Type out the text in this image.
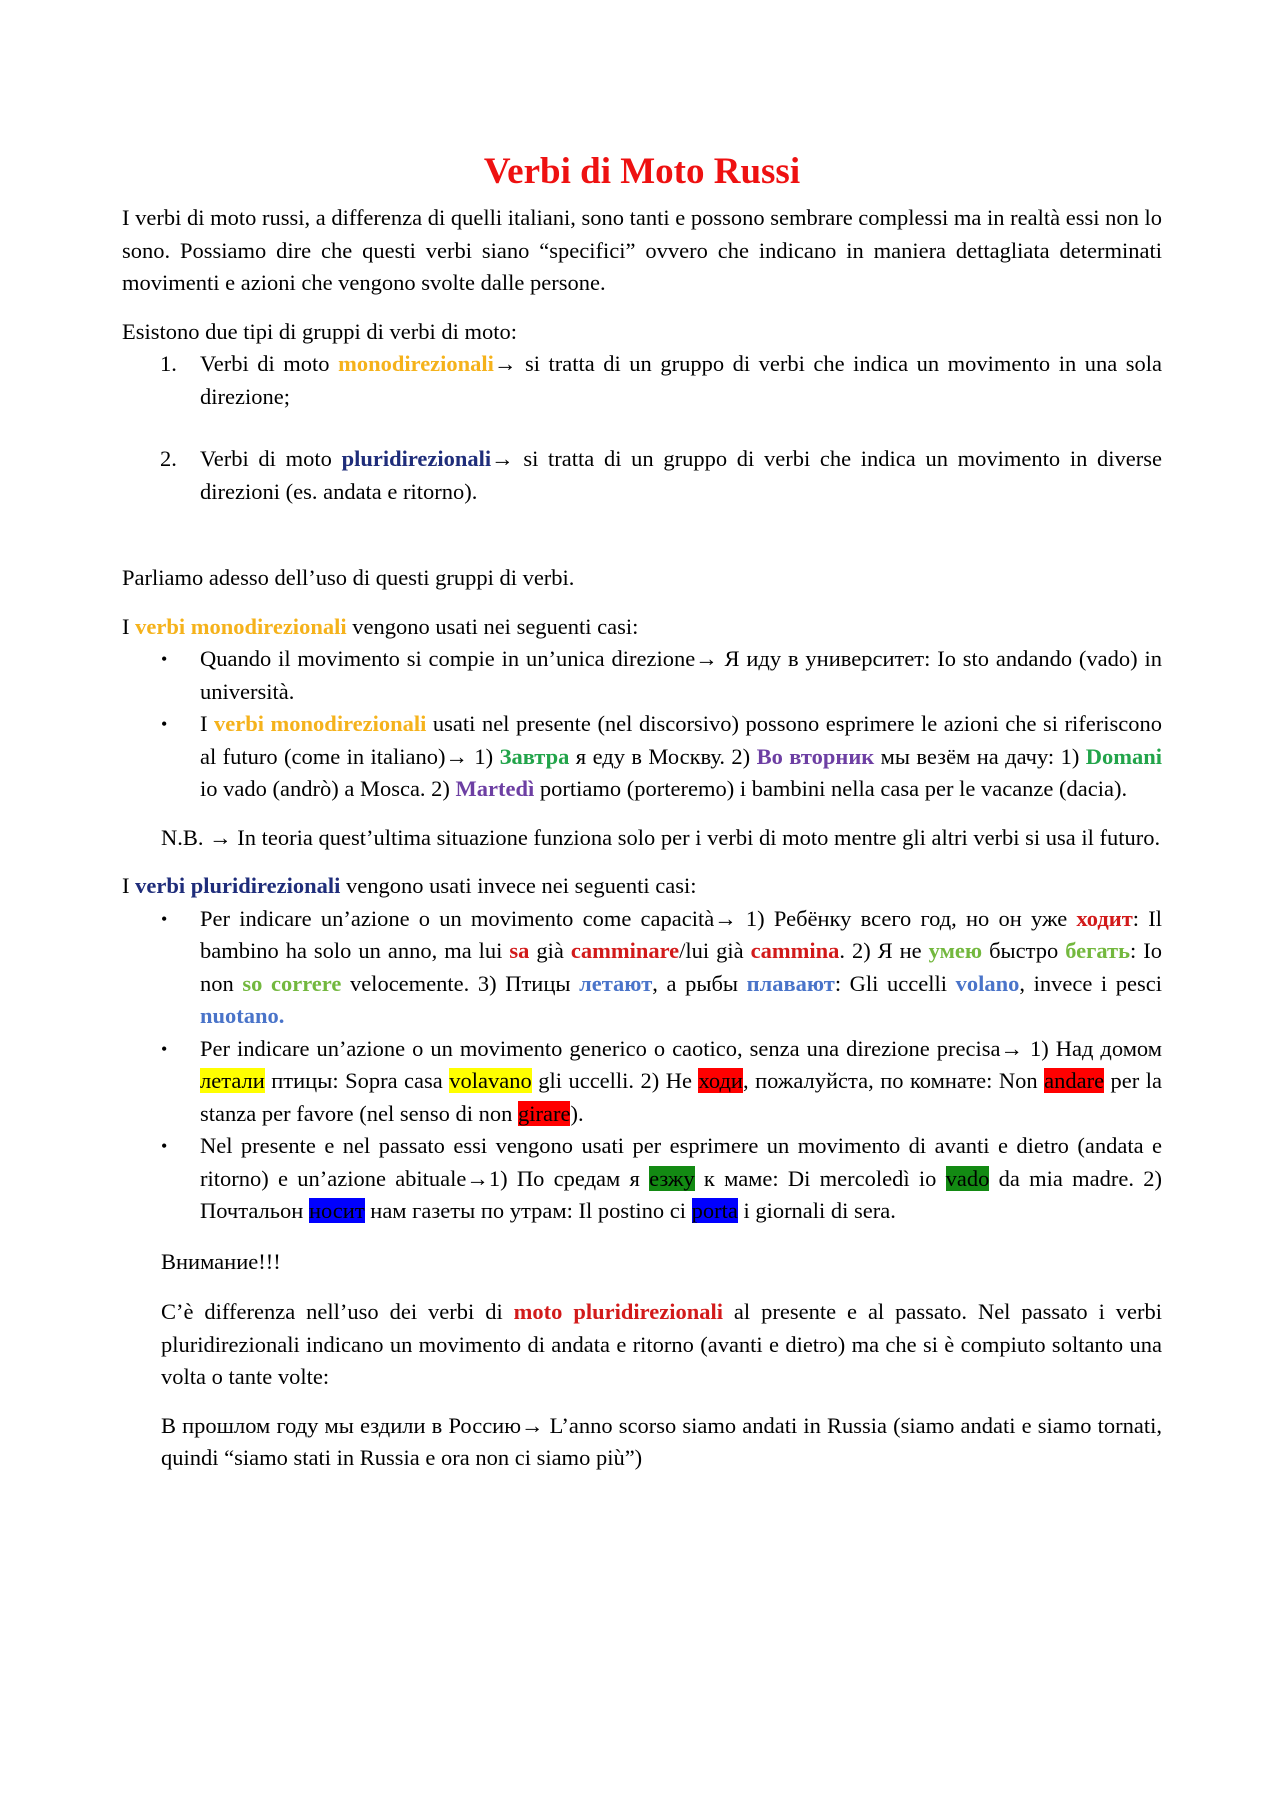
Verbi di Moto Russi

I verbi di moto russi, a differenza di quelli italiani, sono tanti e possono sembrare complessi ma in realtà essi non lo sono. Possiamo dire che questi verbi siano “specifici” ovvero che indicano in maniera dettagliata determinati movimenti e azioni che vengono svolte dalle persone.

Esistono due tipi di gruppi di verbi di moto:

1. Verbi di moto monodirezionali→ si tratta di un gruppo di verbi che indica un movimento in una sola direzione;
2. Verbi di moto pluridirezionali→ si tratta di un gruppo di verbi che indica un movimento in diverse direzioni (es. andata e ritorno).

Parliamo adesso dell’uso di questi gruppi di verbi.

I verbi monodirezionali vengono usati nei seguenti casi:

• Quando il movimento si compie in un’unica direzione→ Я иду в университет: Io sto andando (vado) in università.
• I verbi monodirezionali usati nel presente (nel discorsivo) possono esprimere le azioni che si riferiscono al futuro (come in italiano)→ 1) Завтра я еду в Москву. 2) Во вторник мы везём на дачу: 1) Domani io vado (andrò) a Mosca. 2) Martedì portiamo (porteremo) i bambini nella casa per le vacanze (dacia).

N.B. → In teoria quest’ultima situazione funziona solo per i verbi di moto mentre gli altri verbi si usa il futuro.

I verbi pluridirezionali vengono usati invece nei seguenti casi:

• Per indicare un’azione o un movimento come capacità→ 1) Ребёнку всего год, но он уже ходит: Il bambino ha solo un anno, ma lui sa già camminare/lui già cammina. 2) Я не умею быстро бегать: Io non so correre velocemente. 3) Птицы летают, а рыбы плавают: Gli uccelli volano, invece i pesci nuotano.
• Per indicare un’azione o un movimento generico o caotico, senza una direzione precisa→ 1) Над домом летали птицы: Sopra casa volavano gli uccelli. 2) Не ходи, пожалуйста, по комнате: Non andare per la stanza per favore (nel senso di non girare).
• Nel presente e nel passato essi vengono usati per esprimere un movimento di avanti e dietro (andata e ritorno) e un’azione abituale→1) По средам я езжу к маме: Di mercoledì io vado da mia madre. 2) Почтальон носит нам газеты по утрам: Il postino ci porta i giornali di sera.

Внимание!!!

C’è differenza nell’uso dei verbi di moto pluridirezionali al presente e al passato. Nel passato i verbi pluridirezionali indicano un movimento di andata e ritorno (avanti e dietro) ma che si è compiuto soltanto una volta o tante volte:

В прошлом году мы ездили в Россию→ L’anno scorso siamo andati in Russia (siamo andati e siamo tornati, quindi “siamo stati in Russia e ora non ci siamo più”)
